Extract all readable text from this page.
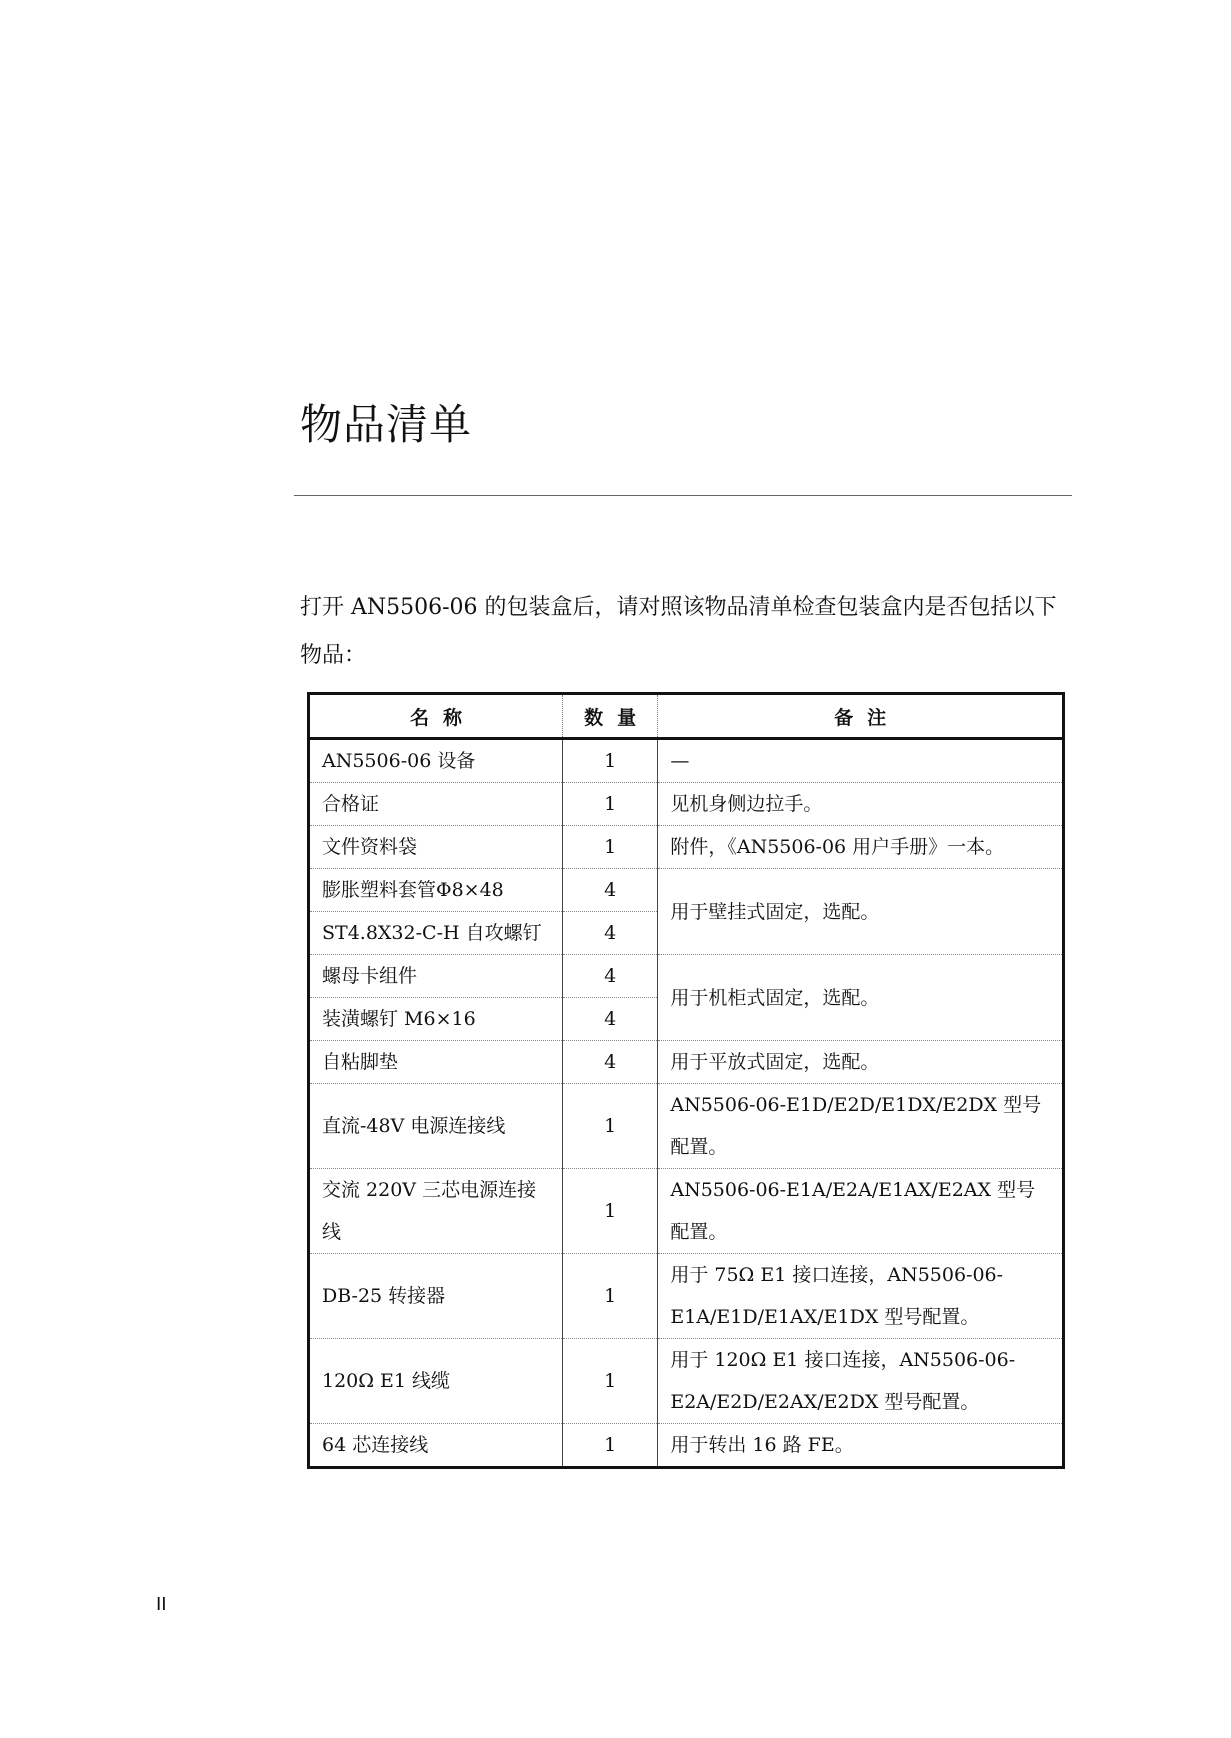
物品清单

打开 AN5506-06 的包装盒后，请对照该物品清单检查包装盒内是否包括以下物品：

名称	数量	备注
AN5506-06 设备	1	—
合格证	1	见机身侧边拉手。
文件资料袋	1	附件，《AN5506-06 用户手册》一本。
膨胀塑料套管Φ8×48	4	用于壁挂式固定，选配。
ST4.8X32-C-H 自攻螺钉	4	
螺母卡组件	4	用于机柜式固定，选配。
装潢螺钉 M6×16	4	
自粘脚垫	4	用于平放式固定，选配。
直流-48V 电源连接线	1	AN5506-06-E1D/E2D/E1DX/E2DX 型号配置。
交流 220V 三芯电源连接线	1	AN5506-06-E1A/E2A/E1AX/E2AX 型号配置。
DB-25 转接器	1	用于 75Ω E1 接口连接，AN5506-06-E1A/E1D/E1AX/E1DX 型号配置。
120Ω E1 线缆	1	用于 120Ω E1 接口连接，AN5506-06-E2A/E2D/E2AX/E2DX 型号配置。
64 芯连接线	1	用于转出 16 路 FE。
II
